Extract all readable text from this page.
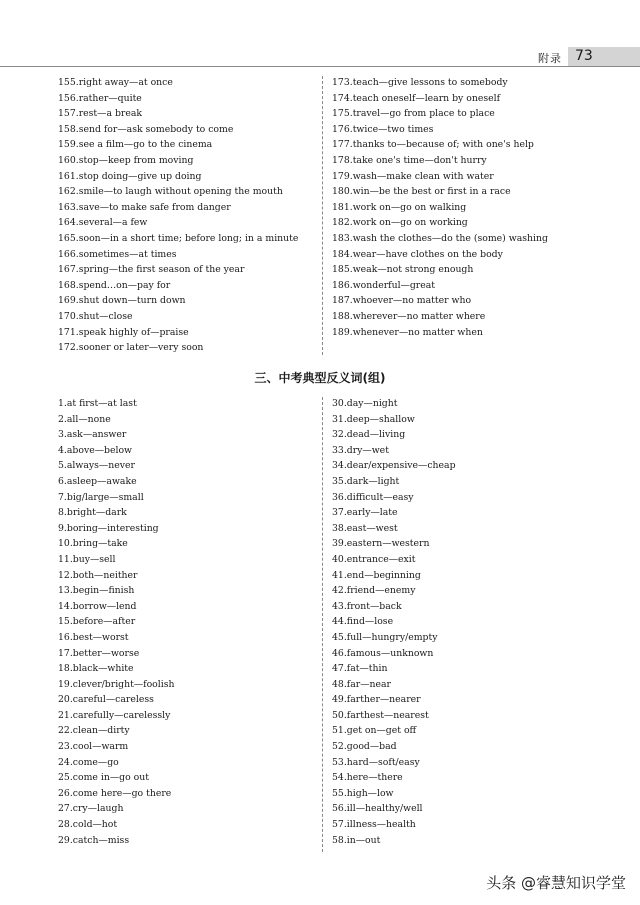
附录 73
155.right away—at once
156.rather—quite
157.rest—a break
158.send for—ask somebody to come
159.see a film—go to the cinema
160.stop—keep from moving
161.stop doing—give up doing
162.smile—to laugh without opening the mouth
163.save—to make safe from danger
164.several—a few
165.soon—in a short time; before long; in a minute
166.sometimes—at times
167.spring—the first season of the year
168.spend…on—pay for
169.shut down—turn down
170.shut—close
171.speak highly of—praise
172.sooner or later—very soon
173.teach—give lessons to somebody
174.teach oneself—learn by oneself
175.travel—go from place to place
176.twice—two times
177.thanks to—because of; with one's help
178.take one's time—don't hurry
179.wash—make clean with water
180.win—be the best or first in a race
181.work on—go on walking
182.work on—go on working
183.wash the clothes—do the (some) washing
184.wear—have clothes on the body
185.weak—not strong enough
186.wonderful—great
187.whoever—no matter who
188.wherever—no matter where
189.whenever—no matter when
三、中考典型反义词(组)
1.at first—at last
2.all—none
3.ask—answer
4.above—below
5.always—never
6.asleep—awake
7.big/large—small
8.bright—dark
9.boring—interesting
10.bring—take
11.buy—sell
12.both—neither
13.begin—finish
14.borrow—lend
15.before—after
16.best—worst
17.better—worse
18.black—white
19.clever/bright—foolish
20.careful—careless
21.carefully—carelessly
22.clean—dirty
23.cool—warm
24.come—go
25.come in—go out
26.come here—go there
27.cry—laugh
28.cold—hot
29.catch—miss
30.day—night
31.deep—shallow
32.dead—living
33.dry—wet
34.dear/expensive—cheap
35.dark—light
36.difficult—easy
37.early—late
38.east—west
39.eastern—western
40.entrance—exit
41.end—beginning
42.friend—enemy
43.front—back
44.find—lose
45.full—hungry/empty
46.famous—unknown
47.fat—thin
48.far—near
49.farther—nearer
50.farthest—nearest
51.get on—get off
52.good—bad
53.hard—soft/easy
54.here—there
55.high—low
56.ill—healthy/well
57.illness—health
58.in—out
头条 @睿慧知识学堂
